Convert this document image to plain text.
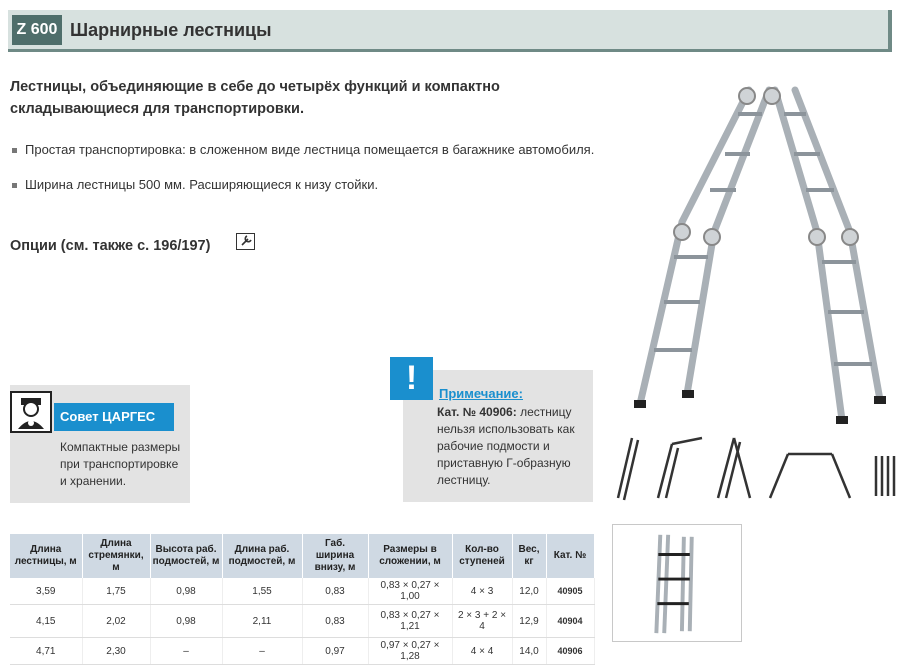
Z 600 Шарнирные лестницы
Лестницы, объединяющие в себе до четырёх функций и компактно складывающиеся для транспортировки.
Простая транспортировка: в сложенном виде лестница помещается в багажнике автомобиля.
Ширина лестницы 500 мм. Расширяющиеся к низу стойки.
Опции (см. также с. 196/197)
Совет ЦАРГЕС
Компактные размеры при транспортировке и хранении.
!	Примечание:
Кат. № 40906: лестницу нельзя использовать как рабочие подмости и приставную Г-образную лестницу.
Длина лестницы, м	Длина стремянки, м	Высота раб. подмостей, м	Длина раб. подмостей, м	Габ. ширина внизу, м	Размеры в сложении, м	Кол-во ступеней	Вес, кг	Кат. №
3,59	1,75	0,98	1,55	0,83	0,83 × 0,27 × 1,00	4 × 3	12,0	40905
4,15	2,02	0,98	2,11	0,83	0,83 × 0,27 × 1,21	2 × 3 + 2 × 4	12,9	40904
4,71	2,30	–	–	0,97	0,97 × 0,27 × 1,28	4 × 4	14,0	40906
